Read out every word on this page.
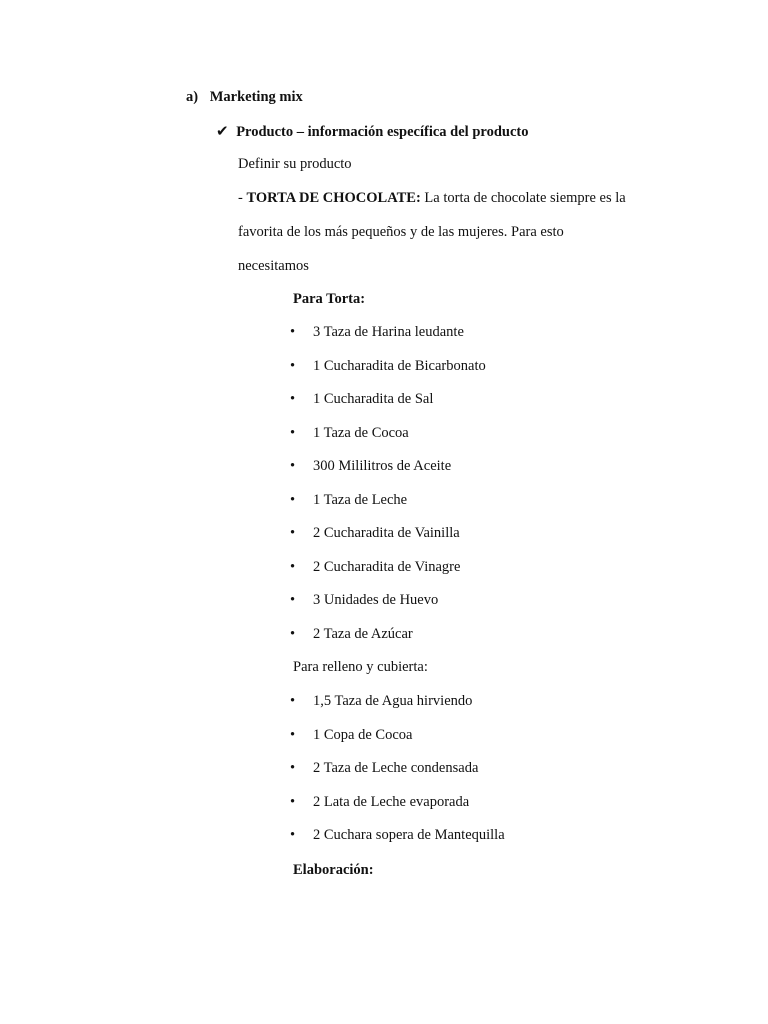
a) Marketing mix
✔ Producto – información específica del producto
Definir su producto
- TORTA DE CHOCOLATE: La torta de chocolate siempre es la
favorita de los más pequeños y de las mujeres. Para esto
necesitamos
Para Torta:
• 3 Taza de Harina leudante
• 1 Cucharadita de Bicarbonato
• 1 Cucharadita de Sal
• 1 Taza de Cocoa
• 300 Mililitros de Aceite
• 1 Taza de Leche
• 2 Cucharadita de Vainilla
• 2 Cucharadita de Vinagre
• 3 Unidades de Huevo
• 2 Taza de Azúcar
Para relleno y cubierta:
• 1,5 Taza de Agua hirviendo
• 1 Copa de Cocoa
• 2 Taza de Leche condensada
• 2 Lata de Leche evaporada
• 2 Cuchara sopera de Mantequilla
Elaboración:
